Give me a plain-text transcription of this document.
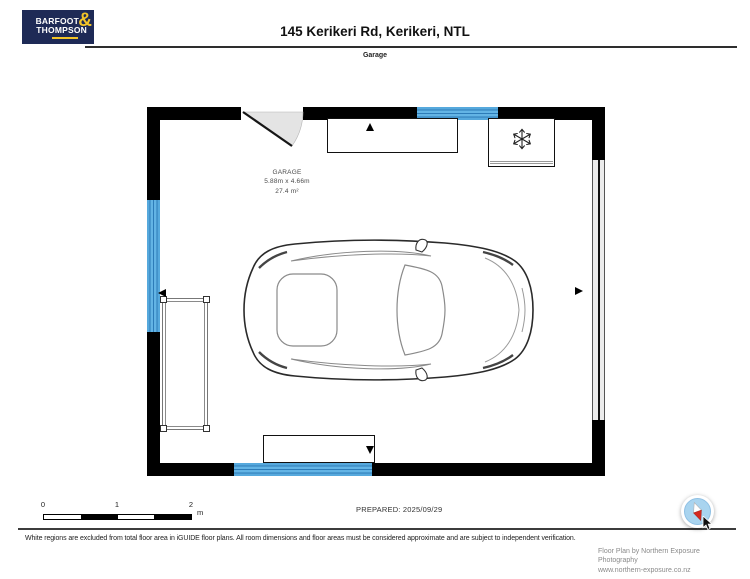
BARFOOT
THOMPSON
&
145 Kerikeri Rd, Kerikeri, NTL
Garage
GARAGE
5.88m x 4.66m
27.4 m²
0	1	2
m	PREPARED: 2025/09/29
White regions are excluded from total floor area in iGUIDE floor plans. All room dimensions and floor areas must be considered approximate and are subject to independent verification.
Floor Plan by Northern Exposure Photography
www.northern-exposure.co.nz
